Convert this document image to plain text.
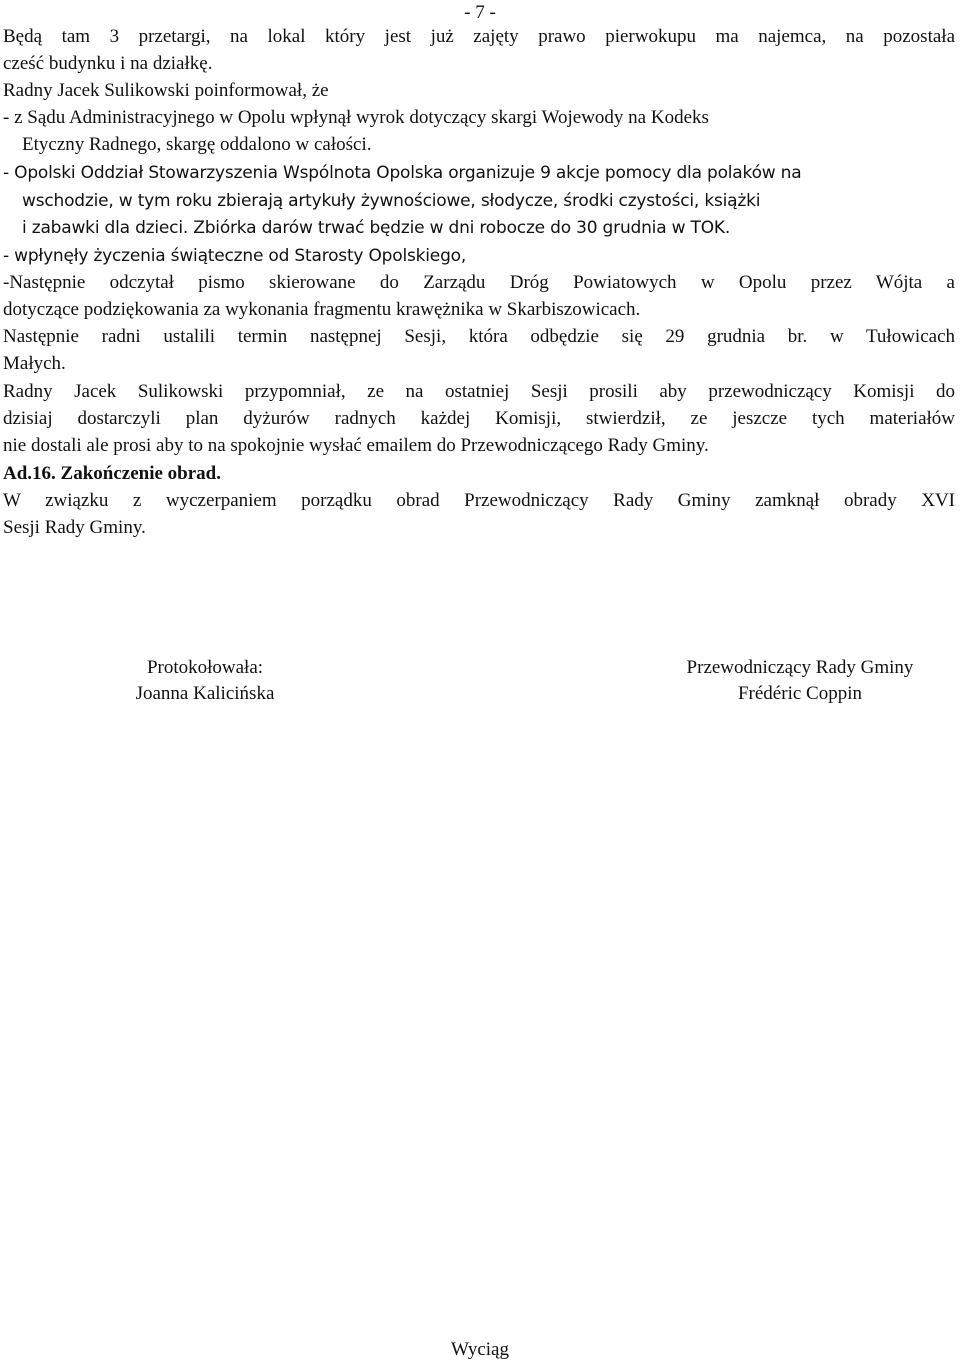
- 7 -
Będą tam 3 przetargi, na lokal który jest już zajęty prawo pierwokupu ma najemca, na pozostała
cześć budynku i na działkę.
Radny Jacek Sulikowski poinformował, że
- z Sądu Administracyjnego w Opolu wpłynął wyrok dotyczący skargi Wojewody na Kodeks
Etyczny Radnego, skargę oddalono w całości.
- Opolski Oddział Stowarzyszenia Wspólnota Opolska organizuje 9 akcje pomocy dla polaków na
wschodzie, w tym roku zbierają artykuły żywnościowe, słodycze, środki czystości, książki
i zabawki dla dzieci. Zbiórka darów trwać będzie w dni robocze do 30 grudnia w TOK.
- wpłynęły życzenia świąteczne od Starosty Opolskiego,
-Następnie odczytał pismo skierowane do Zarządu Dróg Powiatowych w Opolu przez Wójta a
dotyczące podziękowania za wykonania fragmentu krawężnika w Skarbiszowicach.
Następnie radni ustalili termin następnej Sesji, która odbędzie się 29 grudnia br. w Tułowicach
Małych.
Radny Jacek Sulikowski przypomniał, ze na ostatniej Sesji prosili aby przewodniczący Komisji do
dzisiaj dostarczyli plan dyżurów radnych każdej Komisji, stwierdził, ze jeszcze tych materiałów
nie dostali ale prosi aby to na spokojnie wysłać emailem do Przewodniczącego Rady Gminy.
Ad.16. Zakończenie obrad.
W związku z wyczerpaniem porządku obrad Przewodniczący Rady Gminy zamknął obrady XVI
Sesji Rady Gminy.
Protokołowała:
Joanna Kalicińska
Przewodniczący Rady Gminy
Frédéric Coppin
Wyciąg
